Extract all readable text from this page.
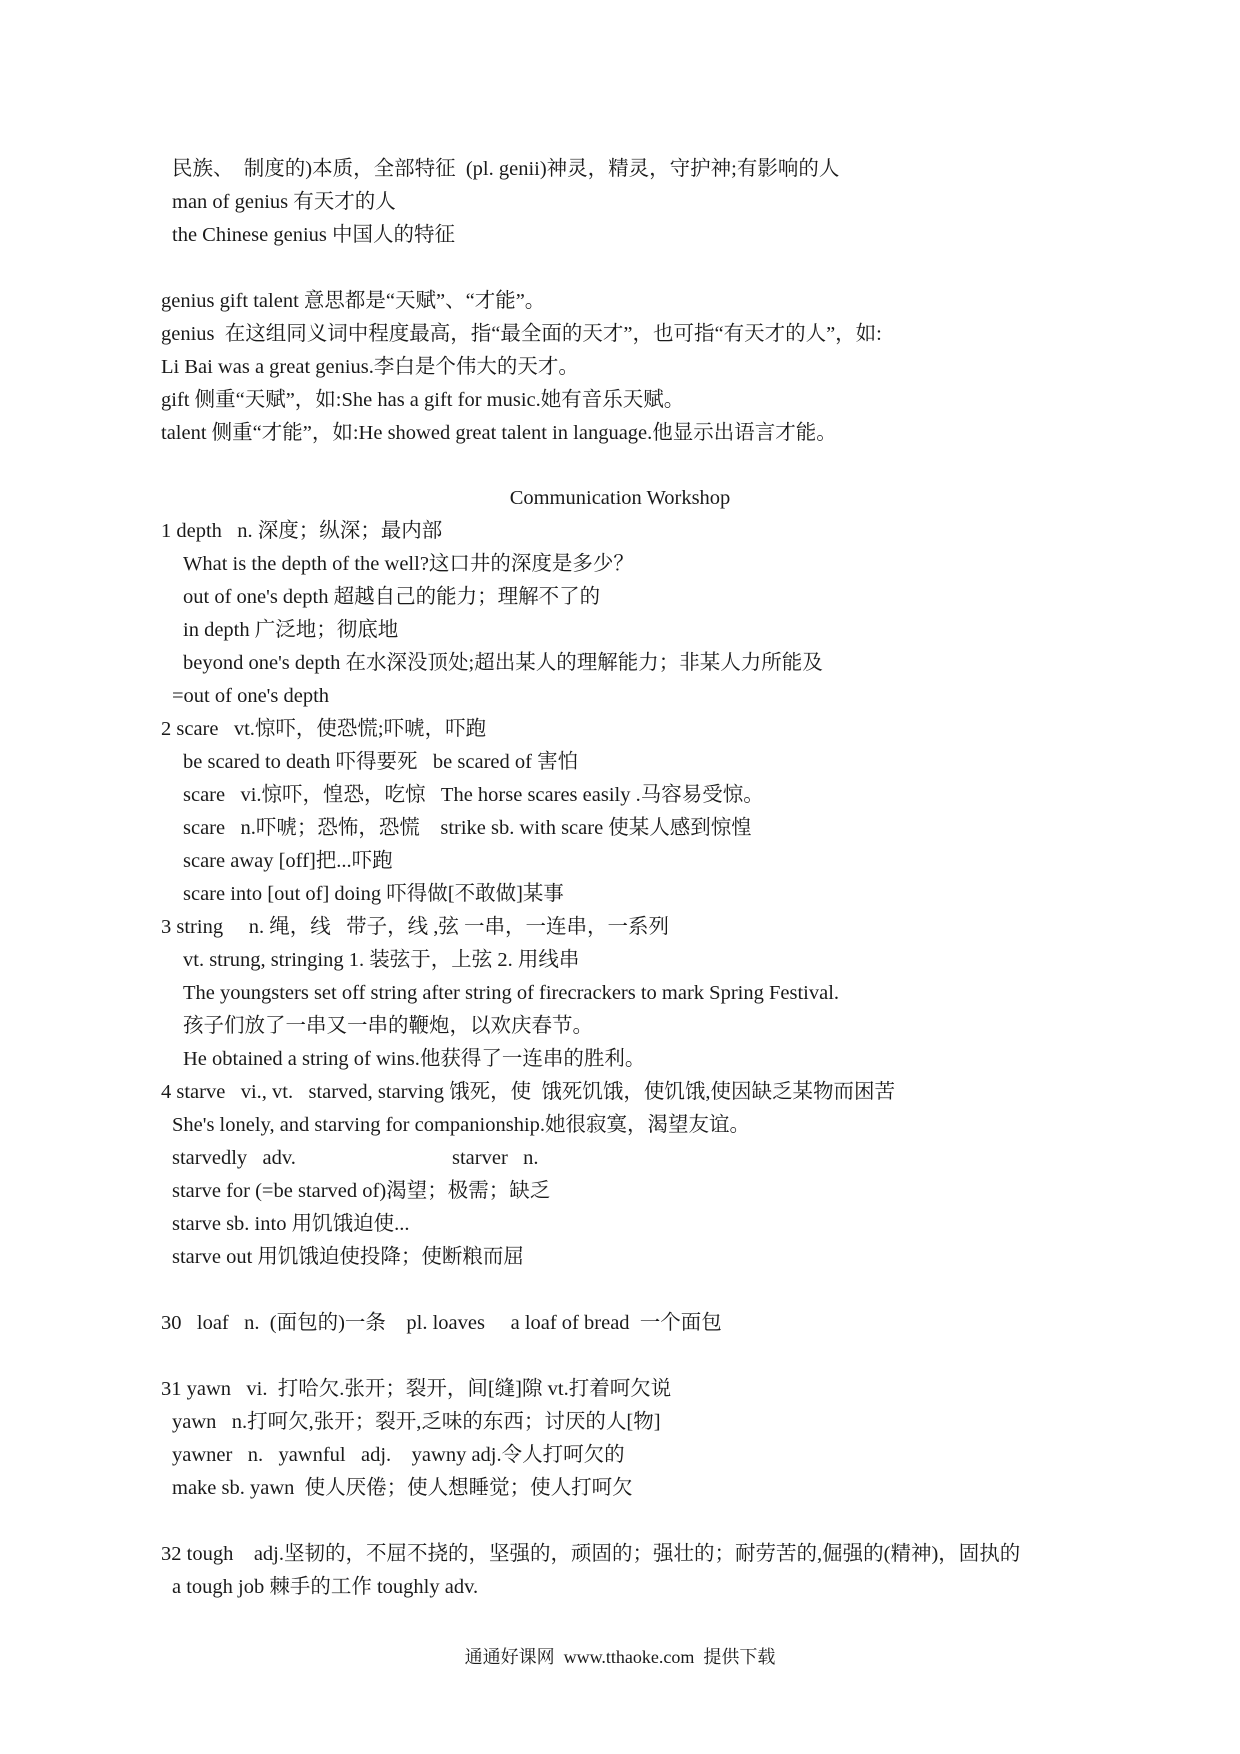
民族、  制度的)本质，全部特征  (pl. genii)神灵，精灵，守护神;有影响的人
man of genius 有天才的人
the Chinese genius 中国人的特征
genius gift talent 意思都是“天赋”、“才能”。
genius  在这组同义词中程度最高，指“最全面的天才”，也可指“有天才的人”，如:
Li Bai was a great genius.李白是个伟大的天才。
gift 侧重“天赋”，如:She has a gift for music.她有音乐天赋。
talent 侧重“才能”，如:He showed great talent in language.他显示出语言才能。
Communication Workshop
1 depth   n. 深度；纵深；最内部
What is the depth of the well?这口井的深度是多少？
out of one's depth 超越自己的能力；理解不了的
in depth 广泛地；彻底地
beyond one's depth 在水深没顶处;超出某人的理解能力；非某人力所能及
=out of one's depth
2 scare   vt.惊吓，使恐慌;吓唬，吓跑
be scared to death 吓得要死   be scared of 害怕
scare   vi.惊吓，惶恐，吃惊   The horse scares easily .马容易受惊。
scare   n.吓唬；恐怖，恐慌    strike sb. with scare 使某人感到惊惶
scare away [off]把...吓跑
scare into [out of] doing 吓得做[不敢做]某事
3 string     n. 绳，线   带子，线 ,弦 一串，一连串，一系列
vt. strung, stringing 1. 装弦于，上弦 2. 用线串
The youngsters set off string after string of firecrackers to mark Spring Festival.
孩子们放了一串又一串的鞭炮，以欢庆春节。
He obtained a string of wins.他获得了一连串的胜利。
4 starve   vi., vt.   starved, starving 饿死，使  饿死饥饿，使饥饿,使因缺乏某物而困苦
She's lonely, and starving for companionship.她很寂寞，渴望友谊。
starvedly   adv.	starver   n.
starve for (=be starved of)渴望；极需；缺乏
starve sb. into 用饥饿迫使...
starve out 用饥饿迫使投降；使断粮而屈
30   loaf   n.  (面包的)一条    pl. loaves     a loaf of bread  一个面包
31 yawn   vi.  打哈欠.张开；裂开，间[缝]隙 vt.打着呵欠说
yawn   n.打呵欠,张开；裂开,乏味的东西；讨厌的人[物]
yawner   n.   yawnful   adj.    yawny adj.令人打呵欠的
make sb. yawn  使人厌倦；使人想睡觉；使人打呵欠
32 tough    adj.坚韧的，不屈不挠的，坚强的，顽固的；强壮的；耐劳苦的,倔强的(精神)，固执的
a tough job 棘手的工作 toughly adv.
通通好课网  www.tthaoke.com  提供下载
